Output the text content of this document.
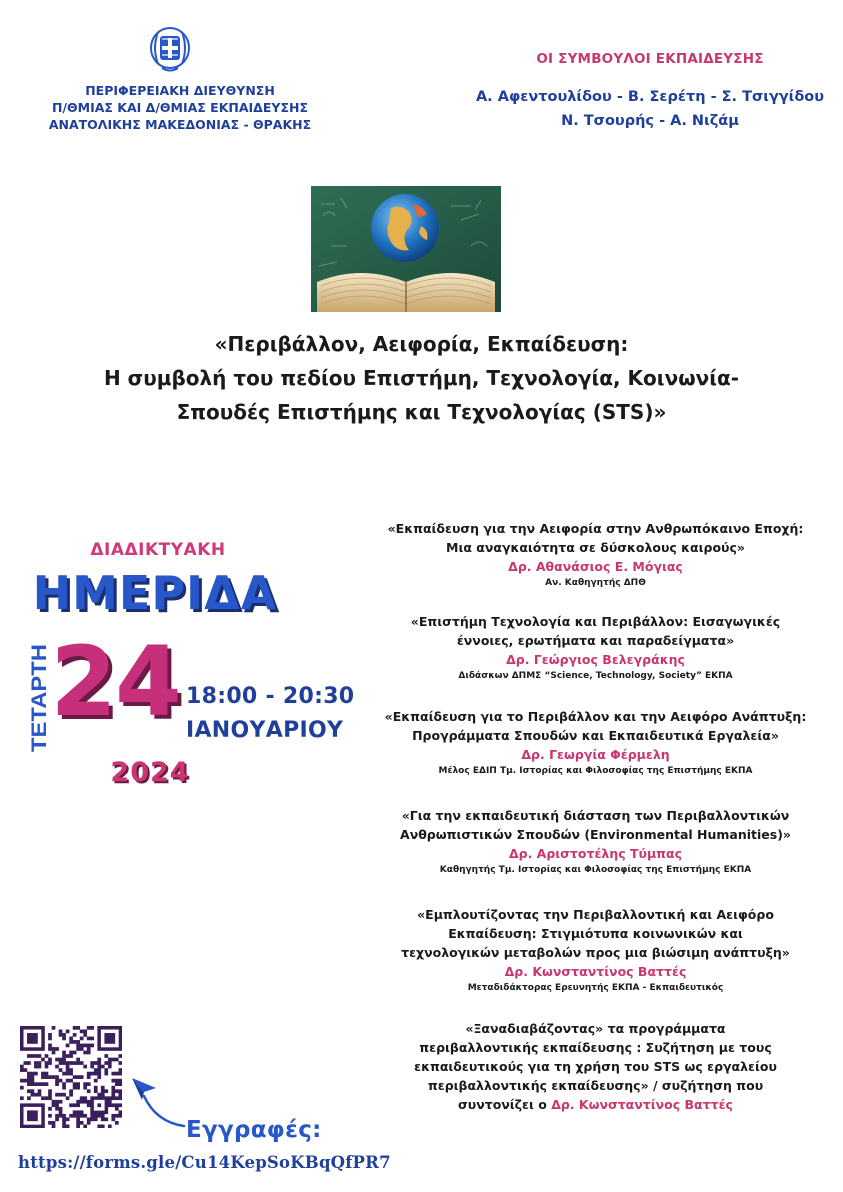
ΠΕΡΙΦΕΡΕΙΑΚΗ ΔΙΕΥΘΥΝΣΗ
Π/ΘΜΙΑΣ ΚΑΙ Δ/ΘΜΙΑΣ ΕΚΠΑΙΔΕΥΣΗΣ
ΑΝΑΤΟΛΙΚΗΣ ΜΑΚΕΔΟΝΙΑΣ - ΘΡΑΚΗΣ
ΟΙ ΣΥΜΒΟΥΛΟΙ ΕΚΠΑΙΔΕΥΣΗΣ
Α. Αφεντουλίδου - Β. Σερέτη - Σ. Τσιγγίδου
Ν. Τσουρής - Α. Νιζάμ
«Περιβάλλον, Αειφορία, Εκπαίδευση:
Η συμβολή του πεδίου Επιστήμη, Τεχνολογία, Κοινωνία-
Σπουδές Επιστήμης και Τεχνολογίας (STS)»
ΔΙΑΔΙΚΤΥΑΚΗ
ΗΜΕΡΙΔΑ
ΤΕΤΑΡΤΗ 24 18:00 - 20:30
ΙΑΝΟΥΑΡΙΟΥ
2024
«Εκπαίδευση για την Αειφορία στην Ανθρωπόκαινο Εποχή:
Μια αναγκαιότητα σε δύσκολους καιρούς»
Δρ. Αθανάσιος Ε. Μόγιας
Αν. Καθηγητής ΔΠΘ
«Επιστήμη Τεχνολογία και Περιβάλλον: Εισαγωγικές
έννοιες, ερωτήματα και παραδείγματα»
Δρ. Γεώργιος Βελεγράκης
Διδάσκων ΔΠΜΣ “Science, Technology, Society” ΕΚΠΑ
«Εκπαίδευση για το Περιβάλλον και την Αειφόρο Ανάπτυξη:
Προγράμματα Σπουδών και Εκπαιδευτικά Εργαλεία»
Δρ. Γεωργία Φέρμελη
Μέλος ΕΔΙΠ Τμ. Ιστορίας και Φιλοσοφίας της Επιστήμης ΕΚΠΑ
«Για την εκπαιδευτική διάσταση των Περιβαλλοντικών
Ανθρωπιστικών Σπουδών (Environmental Humanities)»
Δρ. Αριστοτέλης Τύμπας
Καθηγητής Τμ. Ιστορίας και Φιλοσοφίας της Επιστήμης ΕΚΠΑ
«Εμπλουτίζοντας την Περιβαλλοντική και Αειφόρο
Εκπαίδευση: Στιγμιότυπα κοινωνικών και
τεχνολογικών μεταβολών προς μια βιώσιμη ανάπτυξη»
Δρ. Κωνσταντίνος Βαττές
Μεταδιδάκτορας Ερευνητής ΕΚΠΑ - Εκπαιδευτικός
«Ξαναδιαβάζοντας» τα προγράμματα
περιβαλλοντικής εκπαίδευσης : Συζήτηση με τους
εκπαιδευτικούς για τη χρήση του STS ως εργαλείου
περιβαλλοντικής εκπαίδευσης» / συζήτηση που
συντονίζει ο Δρ. Κωνσταντίνος Βαττές
Εγγραφές:
https://forms.gle/Cu14KepSoKBqQfPR7
